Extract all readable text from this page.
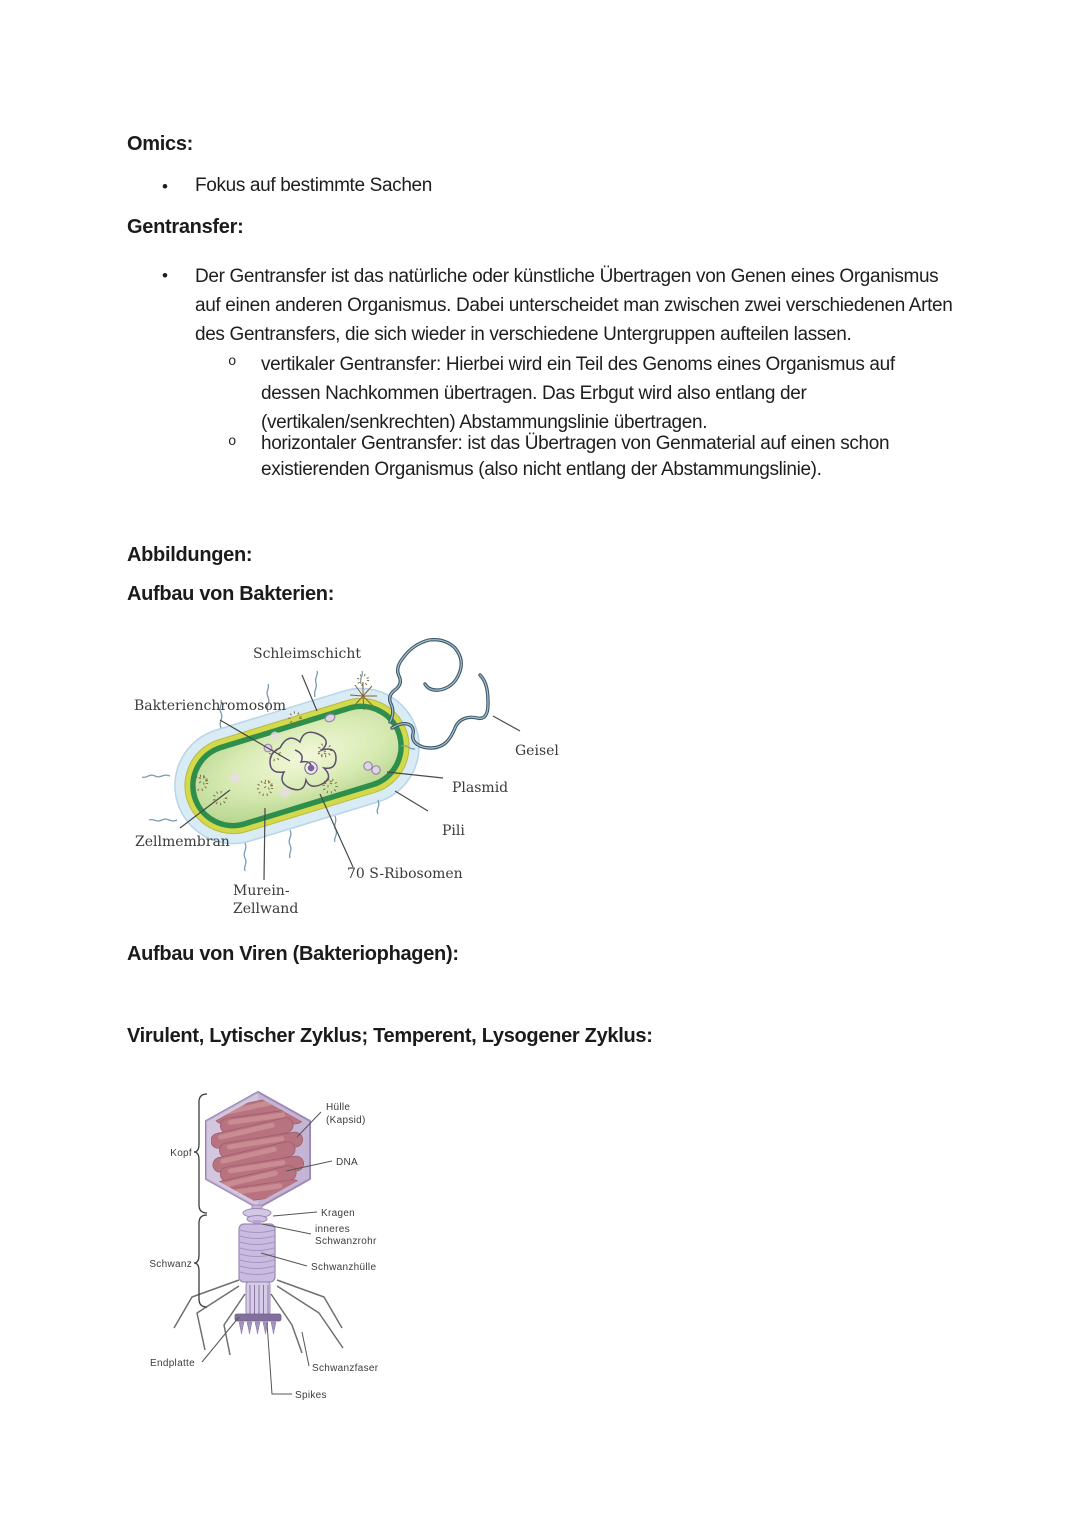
Omics:
• Fokus auf bestimmte Sachen
Gentransfer:
• Der Gentransfer ist das natürliche oder künstliche Übertragen von Genen eines Organismus
auf einen anderen Organismus. Dabei unterscheidet man zwischen zwei verschiedenen Arten
des Gentransfers, die sich wieder in verschiedene Untergruppen aufteilen lassen.
o vertikaler Gentransfer: Hierbei wird ein Teil des Genoms eines Organismus auf
dessen Nachkommen übertragen. Das Erbgut wird also entlang der
(vertikalen/senkrechten) Abstammungslinie übertragen.
o horizontaler Gentransfer: ist das Übertragen von Genmaterial auf einen schon
existierenden Organismus (also nicht entlang der Abstammungslinie).
Abbildungen:
Aufbau von Bakterien:
Schleimschicht
Bakterienchromosom
Geisel
Plasmid
Pili
Zellmembran
70 S-Ribosomen
Murein-
Zellwand
Aufbau von Viren (Bakteriophagen):
Virulent, Lytischer Zyklus; Temperent, Lysogener Zyklus:
Kopf
Schwanz
Hülle
(Kapsid)
DNA
Kragen
inneres
Schwanzrohr
Schwanzhülle
Endplatte	Schwanzfaser
Spikes
